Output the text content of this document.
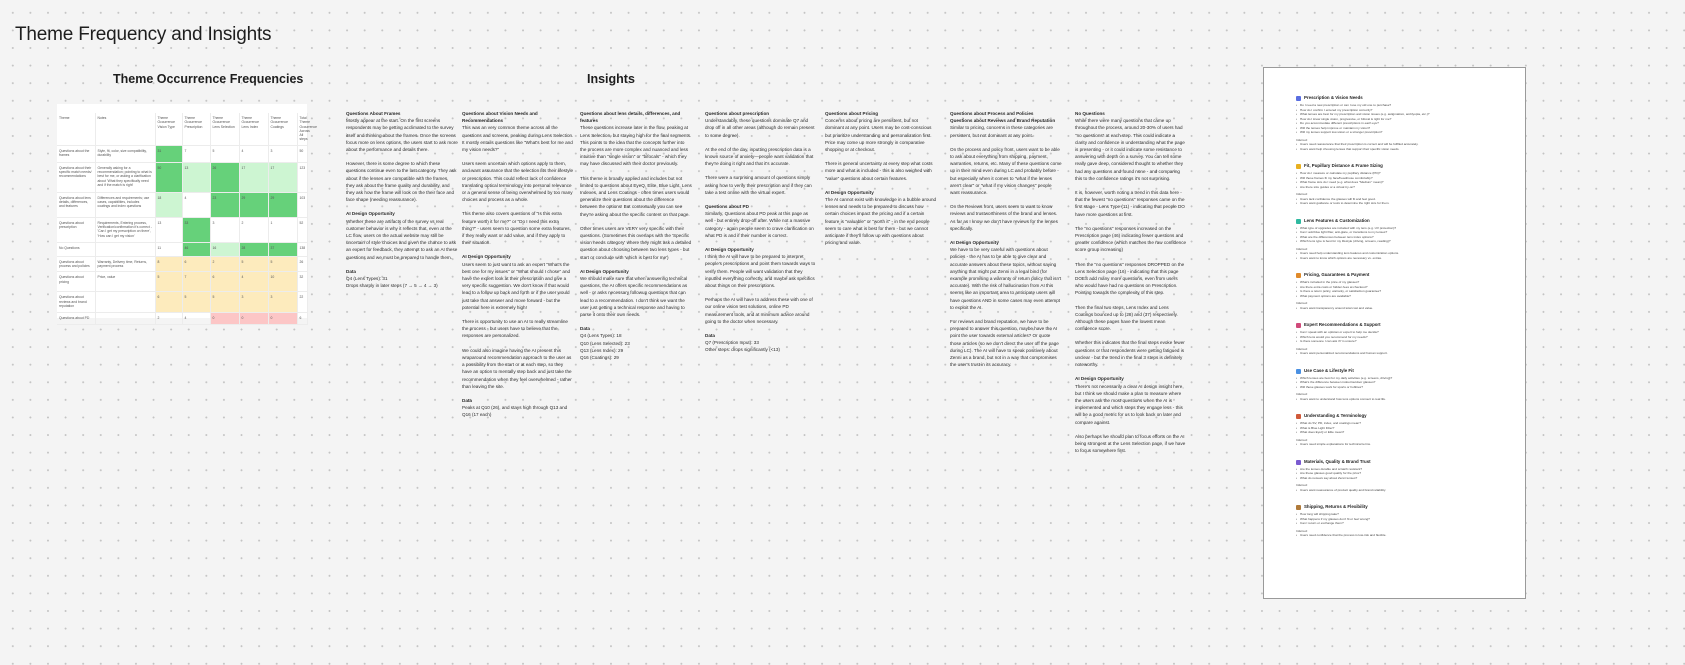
Theme Frequency and Insights
Theme Occurrence Frequencies	Insights
Theme	Notes	Theme Occurrence Vision Type	Theme Occurrence Prescription	Theme Occurrence Lens Selection	Theme Occurrence Lens Index	Theme Occurrence Coatings	Total Theme Occurrence Across All steps
Questions about the frames	Style, fit, color, size compatibility, durability	31	7	5	4	3	50
Questions about their specific match needs/ recommendations	Generally asking for a recommendation; pointing to what is best for me, or asking a clarification about 'What they specifically need and if the match is right'	50	13	26	17	17	123
Questions about lens details, differences, and features	Differences and requirements; use cases, capabilities, includes coatings and index questions	18	4	23	29	29	103
Questions about prescription	Requirements, Entering process, Verification/confirmation it's correct - 'Can I get my prescription on there', 'How can I get my vision'	13	33	3	2	1	52
No Questions		11	46	16	28	37	138
Questions about process and policies	Warranty, Delivery time, Returns, payment process	8	6	2	5	5	26
Questions about pricing	Price, value	5	7	6	4	10	32
Questions about reviews and brand reputation		6	5	5	3	3	22
Questions about PD		2	4	0	0	0	6
Questions About Frames

Mostly appear at the start. On the first screens respondents may be getting acclimated to the survey itself and thinking about the frames. Once the screens focus more on lens options, the users start to ask more about the performance and details there.

However, there is some degree to which these questions continue even to the last category. They ask about if the lenses are compatible with the frames, they ask about the frame quality and durability, and they ask how the frame will look on the their face and face shape (needing reassurance).

AI Design Opportunity

Whether these are artifacts of the survey vs real customer behavior is why it reflects that, even at the LC flow, users on the actual website may still be uncertain of style choices and given the chance to ask an expert for feedback, they attempt to ask an AI these questions and we must be prepared to handle them.

Data
Q4 (Lens Types): 31
Drops sharply in later steps (7 → 5 → 4 → 3)
Questions about Vision Needs and Recommendations

This was an very common theme across all the questions and screens, peaking during Lens Selection. It mostly entails questions like "What's best for me and my vision needs?"

Users seem uncertain which options apply to them, and want assurance that the selection fits their lifestyle or prescription. This could reflect lack of confidence translating optical terminology into personal relevance or a general sense of being overwhelmed by too many choices and process as a whole.

This theme also covers questions of "Is this extra feature worth it for me?" or "Do I need this extra thing?" - users seem to question some extra features, if they really want or add value, and if they apply to their situation.

AI Design Opportunity

Users seem to just want to ask an expert "What's the best one for my issues" or "What should I chose" and have the expert look at their prescription and give a very specific suggestion. We don't know if that would lead to a follow up back and forth or if the user would just take that answer and move forward - but the potential here is extremely high!

There is opportunity to use an AI to really streamline the process - but users have to believe that the responses are personalized.

We could also imagine having the AI present this wraparound recommendation approach to the user as a possibility from the start or at each step, so they have an option to mentally step back and just take the recommendation when they feel overwhelmed - rather than leaving the site.

Data
Peaks at Q10 (26), and stays high through Q13 and Q16 (17 each)
Questions about lens details, differences, and features

These questions increase later in the flow, peaking at Lens Selection, but staying high for the final segments. This points to the idea that the concepts further into the process are more complex and nuanced and less intuitive than "single vision" or "bifocals" - which they may have discussed with their doctor previously.

This theme is broadly applied and includes but not limited to questions about EyeQ, Elite, Blue Light, Lens Indexes, and Lens Coatings - often times users would generalize their questions about the difference between the options! But contextually you can see they're asking about the specific content on that page.

Other times users are VERY very specific with their questions. (Sometimes this overlaps with the 'Specific vision needs category' where they might ask a detailed question about choosing between two lens types - but start or conclude with 'which is best for me')

AI Design Opportunity

We should make sure that when answering technical questions, the AI offers specific recommendations as well - or asks necessary followup questions that can lead to a recommendation. I don't think we want the user just getting a technical response and having to parse it onto their own needs.

Data
Q4 (Lens Types): 18
Q10 (Lens Selected): 23
Q13 (Lens Index): 29
Q16 (Coatings): 29
Questions about prescription

Understandably, these questions dominate Q7 and drop off in all other areas (although do remain present to some degree).

At the end of the day, inputting prescription data is a known source of anxiety—people want validation that they're doing it right and that it's accurate.

There were a surprising amount of questions simply asking how to verify their prescription and if they can take a test online with the virtual expert.

Questions about PD

Similarly, Questions about PD peak at this page as well - but entirely drop-off after. While not a massive category - again people seem to crave clarification on what PD is and if their number is correct.

AI Design Opportunity

I think the AI will have to be prepared to interpret people's prescriptions and point them towards ways to verify them. People will want validation that they inputted everything correctly, and maybe ask specifics about things on their prescriptions.

Perhaps the AI will have to address these with one of our online vision test solutions, online PD measurement tools, and at minimum advice around going to the doctor when necessary.

Data
Q7 (Prescription Input): 33
Other steps: drops significantly (<13)
Questions about Pricing

Concerns about pricing are persistent, but not dominant at any point. Users may be cost-conscious but prioritize understanding and personalization first. Price may come up more strongly in comparative shopping or at checkout.

There is general uncertainty at every step what costs more and what is included - this is also weighed with "value" questions about certain features.

AI Design Opportunity

The AI cannot exist with knowledge in a bubble around lenses and needs to be prepared to discuss how certain choices impact the pricing and if a certain feature is "valuable" or "worth it" - in the end people seem to care what is best for them - but we cannot anticipate if they'll follow up with questions about pricing and value.

Questions about Process and Policies
Questions about Reviews and Brand Reputation

Similar to pricing, concerns in these categories are persistent, but not dominant at any point.

On the process and policy front, users want to be able to ask about everything from shipping, payment, warranties, returns, etc. Many of these questions come up in their mind even during LC and probably before - but especially when it comes to "what if the lenses aren't clear" or "what if my vision changes" people want reassurance.

On the Reviews front, users seem to want to know reviews and trustworthiness of the brand and lenses. As far as I know we don't have reviews for the lenses specifically.

AI Design Opportunity

We have to be very careful with questions about policies - the AI has to be able to give clear and accurate answers about these topics, without saying anything that might put Zenni in a legal bind (for example promising a warranty or return policy that isn't accurate). With the risk of hallucination from AI this seems like an important area to anticipate users will have questions AND in some cases may even attempt to exploit the AI.

For reviews and brand reputation, we have to be prepared to answer this question, maybe have the AI point the user towards external articles? Or quote those articles (so we don't direct the user off the page during LC). The AI will have to speak positively about Zenni as a brand, but not in a way that compromises the user's trust in its accuracy.

No Questions

While there were many questions that came up throughout the process, around 20-30% of users had "no questions" at each step. This could indicate a clarity and confidence in understanding what the page is presenting - or it could indicate some resistance to answering with depth on a survey. You can tell some really gave deep, considered thought to whether they had any questions and found none - and comparing this to the confidence ratings it's not surprising.

It is, however, worth noting a trend in this data here - that the fewest "no questions" responses came on the first stage - Lens Type (11) - indicating that people DO have more questions at first.

The "no questions" responses increased on the Prescription page (46) indicating fewer questions and greater confidence (which matches the raw confidence score group increasing)

Then the "no questions" responses DROPPED on the Lens Selection page (16) - indicating that this page DOES add many more questions, even from users who would have had no questions on Prescription. Pointing towards the complexity of this step.

Then the final two steps, Lens Index and Lens Coatings bounced up to (28) and (37) respectively. Although these pages have the lowest mean confidence score.

Whether this indicates that the final steps evoke fewer questions or that respondents were getting fatigued is unclear - but the trend in the final 3 steps is definitely noteworthy.

AI Design Opportunity

There's not necessarily a clear AI design insight here, but I think we should make a plan to measure where the users ask the most questions when the AI is implemented and which steps they engage less - this will be a good metric for us to look back on later and compare against.

Also perhaps we should plan to focus efforts on the AI being strongest at the Lens Selection page, if we have to focus somewhere first.

Prescription & Vision Needs
• Do I need a new prescription or can I use my old one to purchase?
• How do I confirm I entered my prescription correctly?
• What lenses are best for my prescription and vision issues (e.g. astigmatism, amblyopia, etc.)?
• How do I know single vision, progressive, or bifocal is right for me?
• Do you accommodate different prescriptions in each eye?
• Will the lenses help improve or maintain my vision?
• Will my lenses support low-vision or a stronger prescription?
Inferred:
• Users need reassurance that their prescription is correct and will be fulfilled accurately.
• Users want help choosing lenses that support their specific vision needs.
Fit, Pupillary Distance & Frame Sizing
• How do I measure or calculate my pupillary distance (PD)?
• Will these frames fit my face/head/nose comfortably?
• What frame size do I need (e.g. what does "Medium" mean)?
• Are there size guides or a virtual try-on?
Inferred:
• Users lack confidence the glasses will fit and feel good.
• Users want guidance or tools to determine the right size for them.
Lens Features & Customization
• What type of upgrades are included with my lens (e.g. UV protection)?
• Can I add blue light filter, anti-glare, or transitions to my lenses?
• What are the differences between lens index options?
• Which lens type is best for my lifestyle (driving, screens, reading)?
Inferred:
• Users need help understanding lens features and customization options.
• Users want to know which options are necessary vs. extras.
Pricing, Guarantees & Payment
• What's included in the price of my glasses?
• Are there extra costs or hidden fees at checkout?
• Is there a return policy, warranty, or satisfaction guarantee?
• What payment options are available?
Inferred:
• Users want transparency around total cost and value.
Expert Recommendations & Support
• Can I speak with an optician or expert to help me decide?
• Which lens would you recommend for my needs?
• Is there someone I can ask if I'm unsure?
Inferred:
• Users want personalized recommendations and human support.
Use Case & Lifestyle Fit
• Which lenses are best for my daily activities (e.g. screens, driving)?
• What's the difference between indoor/outdoor glasses?
• Will these glasses work for sports or hobbies?
Inferred:
• Users want to understand how lens options connect to real life.
Understanding & Terminology
• What do SV, PD, index, and coatings mean?
• What is Blue Light Filter?
• What does EyeQ or Elite mean?
Inferred:
• Users need simple explanations for technical terms.
Materials, Quality & Brand Trust
• Are the lenses durable and scratch resistant?
• Are these glasses good quality for the price?
• What do reviews say about Zenni lenses?
Inferred:
• Users want reassurance of product quality and brand reliability.
Shipping, Returns & Flexibility
• How long will shipping take?
• What happens if my glasses don't fit or feel wrong?
• Can I return or exchange them?
Inferred:
• Users need confidence that the process is low-risk and flexible.
